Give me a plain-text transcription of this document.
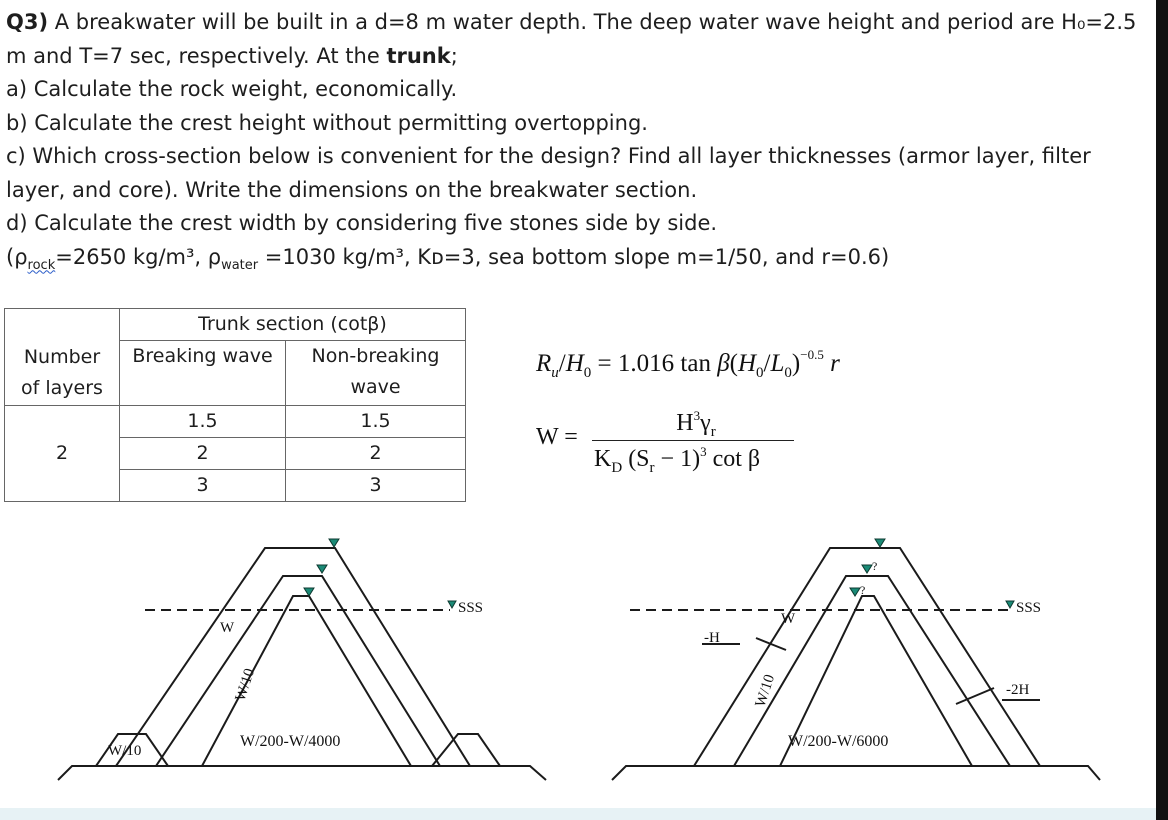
Q3) A breakwater will be built in a d=8 m water depth. The deep water wave height and period are H₀=2.5
m and T=7 sec, respectively. At the trunk;
a) Calculate the rock weight, economically.
b) Calculate the crest height without permitting overtopping.
c) Which cross-section below is convenient for the design? Find all layer thicknesses (armor layer, filter
layer, and core). Write the dimensions on the breakwater section.
d) Calculate the crest width by considering five stones side by side.
($\rho_{rock}=2650$ kg/m³, $\rho_{water} =1030$ kg/m³, Kᴅ=3, sea bottom slope m=1/50, and r=0.6)
	Trunk section (cotβ)	

Number of layers	Breaking wave	Non-breaking
wave

2	1.5	1.5
	2	2
	3	3
$R_u/H_0 = 1.016$ $\tan \beta(H_0/L_0)^{-0.5}$ r
W =
$H^3\gamma_r$
$K_D$ $(S_r - 1)^3$ cot β
W
W/10
W/10
W/200-W/4000
SSS
W
W/10
-H
-2H
W/200-W/6000
SSS
?
?
